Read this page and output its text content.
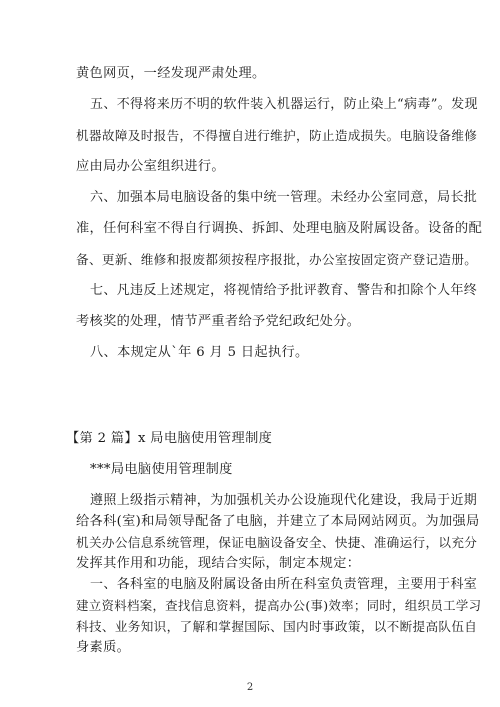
黄色网页，一经发现严肃处理。
五、不得将来历不明的软件装入机器运行，防止染上“病毒”。发现
机器故障及时报告，不得擅自进行维护，防止造成损失。电脑设备维修
应由局办公室组织进行。
六、加强本局电脑设备的集中统一管理。未经办公室同意，局长批
准，任何科室不得自行调换、拆卸、处理电脑及附属设备。设备的配
备、更新、维修和报废都须按程序报批，办公室按固定资产登记造册。
七、凡违反上述规定，将视情给予批评教育、警告和扣除个人年终
考核奖的处理，情节严重者给予党纪政纪处分。
八、本规定从`年 6 月 5 日起执行。
【第 2 篇】x 局电脑使用管理制度
***局电脑使用管理制度
遵照上级指示精神，为加强机关办公设施现代化建设，我局于近期
给各科(室)和局领导配备了电脑，并建立了本局网站网页。为加强局
机关办公信息系统管理，保证电脑设备安全、快捷、准确运行，以充分
发挥其作用和功能，现结合实际，制定本规定：
一、各科室的电脑及附属设备由所在科室负责管理，主要用于科室
建立资料档案，查找信息资料，提高办公(事)效率；同时，组织员工学习
科技、业务知识，了解和掌握国际、国内时事政策，以不断提高队伍自
身素质。
2
